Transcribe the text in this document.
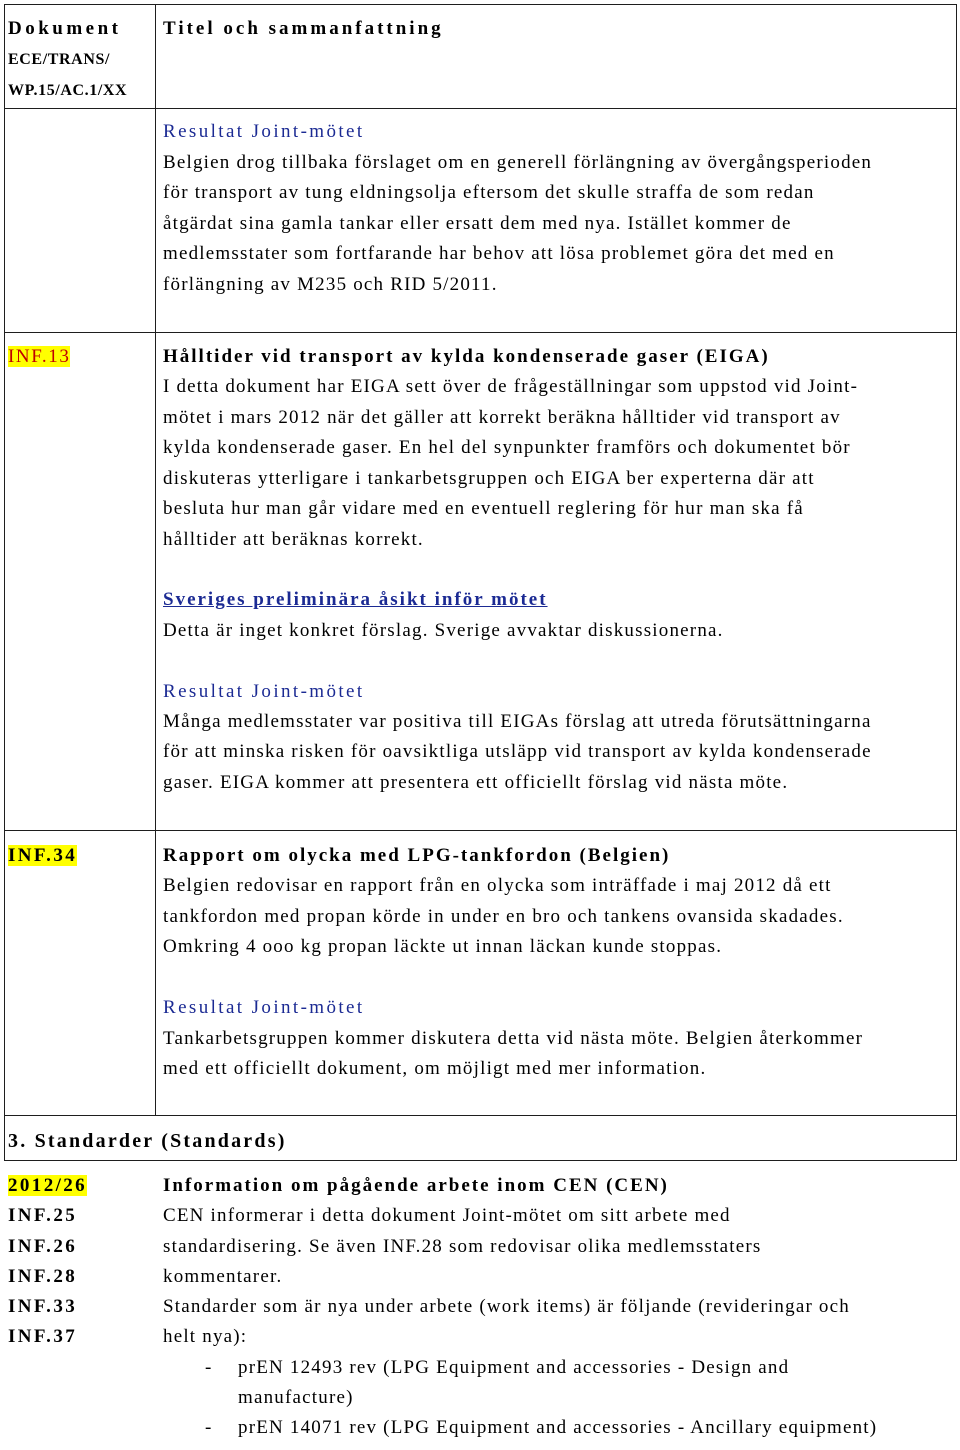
Dokument
ECE/TRANS/
WP.15/AC.1/XX
Titel och sammanfattning
Resultat Joint-mötet
Belgien drog tillbaka förslaget om en generell förlängning av övergångsperioden
för transport av tung eldningsolja eftersom det skulle straffa de som redan
åtgärdat sina gamla tankar eller ersatt dem med nya. Istället kommer de
medlemsstater som fortfarande har behov att lösa problemet göra det med en
förlängning av M235 och RID 5/2011.
INF.13	Hålltider vid transport av kylda kondenserade gaser (EIGA)
I detta dokument har EIGA sett över de frågeställningar som uppstod vid Joint-
mötet i mars 2012 när det gäller att korrekt beräkna hålltider vid transport av
kylda kondenserade gaser. En hel del synpunkter framförs och dokumentet bör
diskuteras ytterligare i tankarbetsgruppen och EIGA ber experterna där att
besluta hur man går vidare med en eventuell reglering för hur man ska få
hålltider att beräknas korrekt.
Sveriges preliminära åsikt inför mötet
Detta är inget konkret förslag. Sverige avvaktar diskussionerna.
Resultat Joint-mötet
Många medlemsstater var positiva till EIGAs förslag att utreda förutsättningarna
för att minska risken för oavsiktliga utsläpp vid transport av kylda kondenserade
gaser. EIGA kommer att presentera ett officiellt förslag vid nästa möte.
INF.34	Rapport om olycka med LPG-tankfordon (Belgien)
Belgien redovisar en rapport från en olycka som inträffade i maj 2012 då ett
tankfordon med propan körde in under en bro och tankens ovansida skadades.
Omkring 4 ooo kg propan läckte ut innan läckan kunde stoppas.
Resultat Joint-mötet
Tankarbetsgruppen kommer diskutera detta vid nästa möte. Belgien återkommer
med ett officiellt dokument, om möjligt med mer information.
3. Standarder (Standards)
2012/26
INF.25
INF.26
INF.28
INF.33
INF.37
Information om pågående arbete inom CEN (CEN)
CEN informerar i detta dokument Joint-mötet om sitt arbete med
standardisering. Se även INF.28 som redovisar olika medlemsstaters
kommentarer.
Standarder som är nya under arbete (work items) är följande (revideringar och
helt nya):
- prEN 12493 rev (LPG Equipment and accessories - Design and
manufacture)
- prEN 14071 rev (LPG Equipment and accessories - Ancillary equipment)
